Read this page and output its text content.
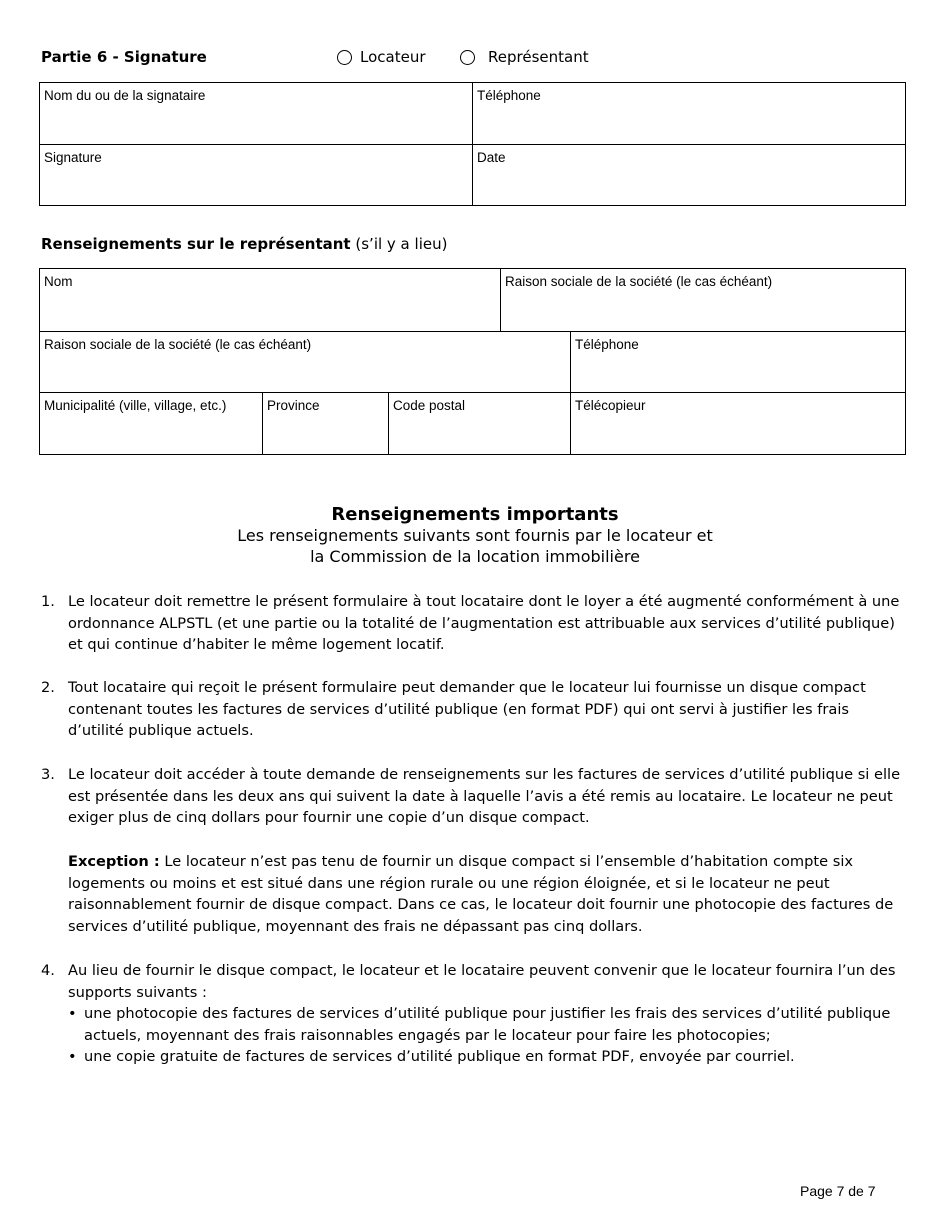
Partie 6 - Signature	Locateur	Représentant
Nom du ou de la signataire	Téléphone
Signature	Date
Renseignements sur le représentant (s’il y a lieu)
Nom	Raison sociale de la société (le cas échéant)
Raison sociale de la société (le cas échéant)	Téléphone
Municipalité (ville, village, etc.)	Province	Code postal	Télécopieur
Renseignements importants
Les renseignements suivants sont fournis par le locateur et
la Commission de la location immobilière
1. Le locateur doit remettre le présent formulaire à tout locataire dont le loyer a été augmenté conformément à une ordonnance ALPSTL (et une partie ou la totalité de l’augmentation est attribuable aux services d’utilité publique) et qui continue d’habiter le même logement locatif.
2. Tout locataire qui reçoit le présent formulaire peut demander que le locateur lui fournisse un disque compact contenant toutes les factures de services d’utilité publique (en format PDF) qui ont servi à justifier les frais d’utilité publique actuels.
3. Le locateur doit accéder à toute demande de renseignements sur les factures de services d’utilité publique si elle est présentée dans les deux ans qui suivent la date à laquelle l’avis a été remis au locataire. Le locateur ne peut exiger plus de cinq dollars pour fournir une copie d’un disque compact.
Exception : Le locateur n’est pas tenu de fournir un disque compact si l’ensemble d’habitation compte six logements ou moins et est situé dans une région rurale ou une région éloignée, et si le locateur ne peut raisonnablement fournir de disque compact. Dans ce cas, le locateur doit fournir une photocopie des factures de services d’utilité publique, moyennant des frais ne dépassant pas cinq dollars.
4. Au lieu de fournir le disque compact, le locateur et le locataire peuvent convenir que le locateur fournira l’un des supports suivants :
• une photocopie des factures de services d’utilité publique pour justifier les frais des services d’utilité publique actuels, moyennant des frais raisonnables engagés par le locateur pour faire les photocopies;
• une copie gratuite de factures de services d’utilité publique en format PDF, envoyée par courriel.
Page 7 de 7
